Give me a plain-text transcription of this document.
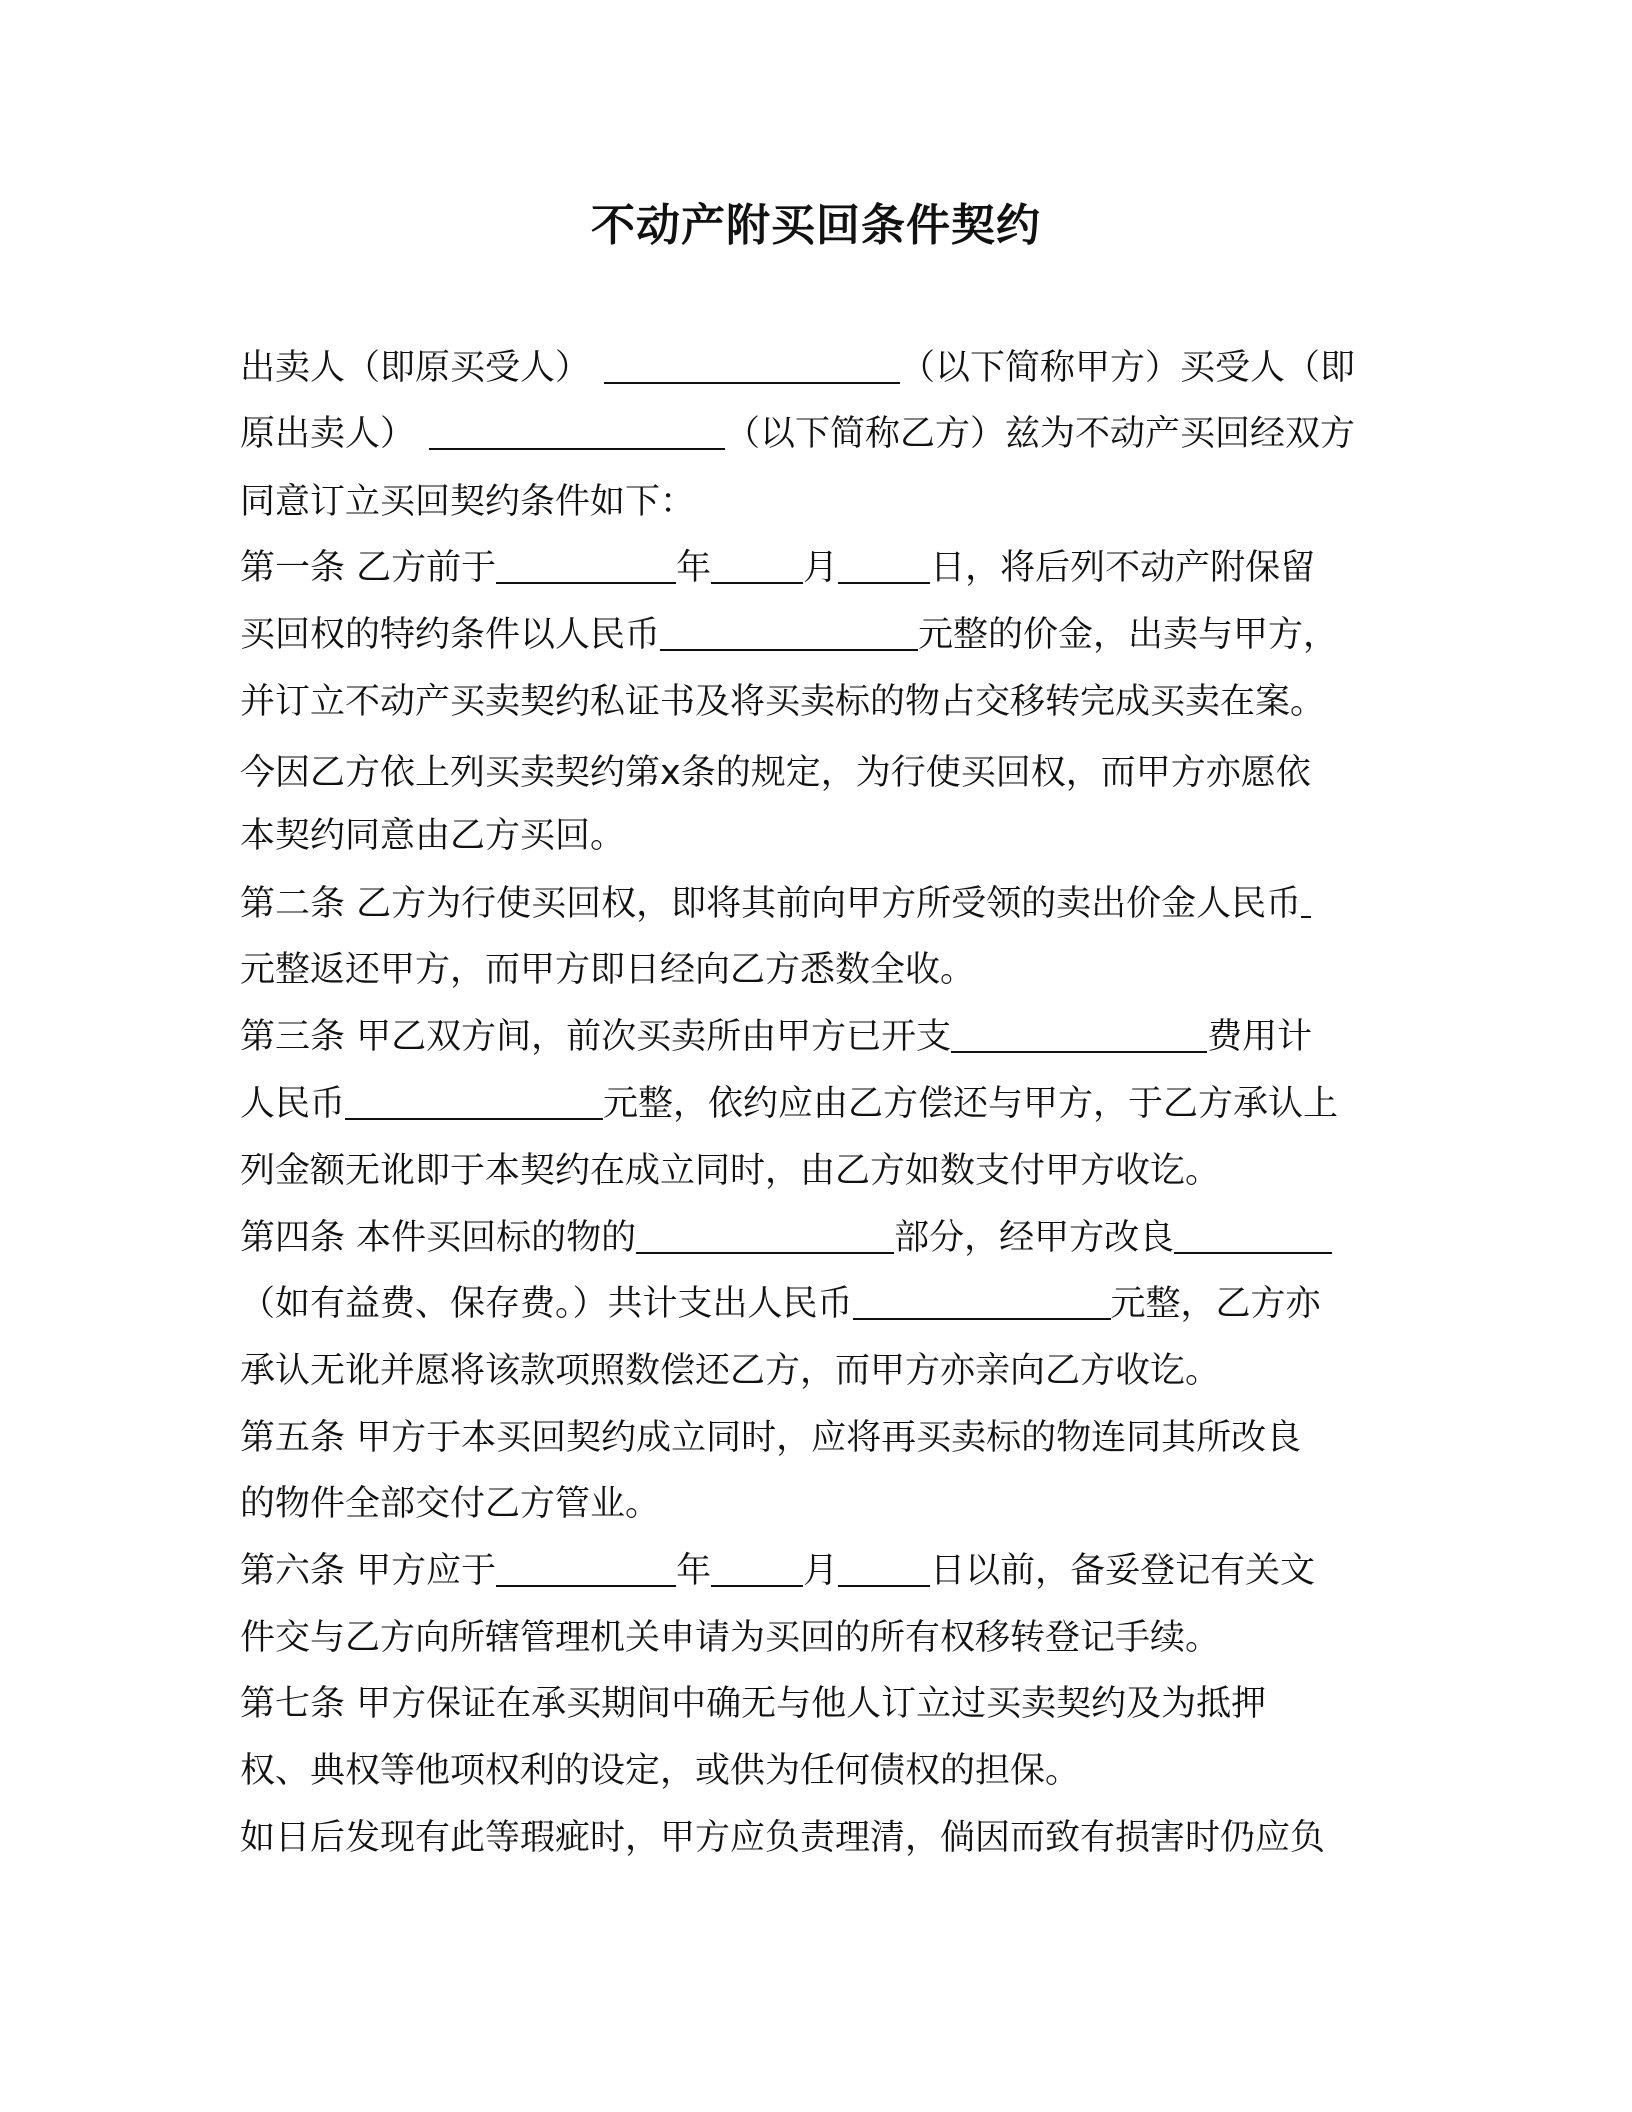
不动产附买回条件契约
出卖人（即原买受人）	（以下简称甲方）买受人（即
原出卖人）	（以下简称乙方）兹为不动产买回经双方
同意订立买回契约条件如下：
第一条 乙方前于	年	月	日，将后列不动产附保留
买回权的特约条件以人民币	元整的价金，出卖与甲方，
并订立不动产买卖契约私证书及将买卖标的物占交移转完成买卖在案。
今因乙方依上列买卖契约第x条的规定，为行使买回权，而甲方亦愿依
本契约同意由乙方买回。
第二条 乙方为行使买回权，即将其前向甲方所受领的卖出价金人民币
元整返还甲方，而甲方即日经向乙方悉数全收。
第三条 甲乙双方间，前次买卖所由甲方已开支	费用计
人民币	元整，依约应由乙方偿还与甲方，于乙方承认上
列金额无讹即于本契约在成立同时，由乙方如数支付甲方收讫。
第四条 本件买回标的物的	部分，经甲方改良
（如有益费、保存费。）共计支出人民币	元整，乙方亦
承认无讹并愿将该款项照数偿还乙方，而甲方亦亲向乙方收讫。
第五条 甲方于本买回契约成立同时，应将再买卖标的物连同其所改良
的物件全部交付乙方管业。
第六条 甲方应于	年	月	日以前，备妥登记有关文
件交与乙方向所辖管理机关申请为买回的所有权移转登记手续。
第七条 甲方保证在承买期间中确无与他人订立过买卖契约及为抵押
权、典权等他项权利的设定，或供为任何债权的担保。
如日后发现有此等瑕疵时，甲方应负责理清，倘因而致有损害时仍应负
